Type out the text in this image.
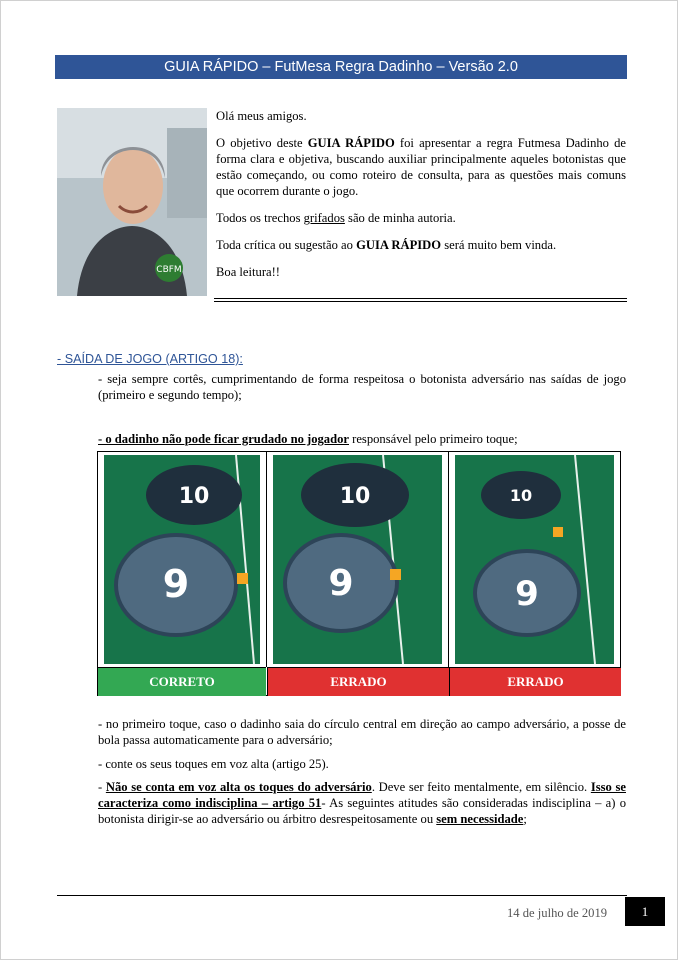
GUIA RÁPIDO – FutMesa Regra Dadinho – Versão 2.0
CBFM

Olá meus amigos.

O objetivo deste GUIA RÁPIDO foi apresentar a regra Futmesa Dadinho de forma clara e objetiva, buscando auxiliar principalmente aqueles botonistas que estão começando, ou como roteiro de consulta, para as questões mais comuns que ocorrem durante o jogo.

Todos os trechos grifados são de minha autoria.

Toda crítica ou sugestão ao GUIA RÁPIDO será muito bem vinda.

Boa leitura!!

- SAÍDA DE JOGO (ARTIGO 18):
- seja sempre cortês, cumprimentando de forma respeitosa o botonista adversário nas saídas de jogo (primeiro e segundo tempo);
- o dadinho não pode ficar grudado no jogador responsável pelo primeiro toque;
10
9
10
9
10
9
CORRETO	ERRADO	ERRADO
- no primeiro toque, caso o dadinho saia do círculo central em direção ao campo adversário, a posse de bola passa automaticamente para o adversário;
- conte os seus toques em voz alta (artigo 25).
- Não se conta em voz alta os toques do adversário. Deve ser feito mentalmente, em silêncio. Isso se caracteriza como indisciplina – artigo 51- As seguintes atitudes são consideradas indisciplina – a) o botonista dirigir-se ao adversário ou árbitro desrespeitosamente ou sem necessidade;
14 de julho de 2019	1
